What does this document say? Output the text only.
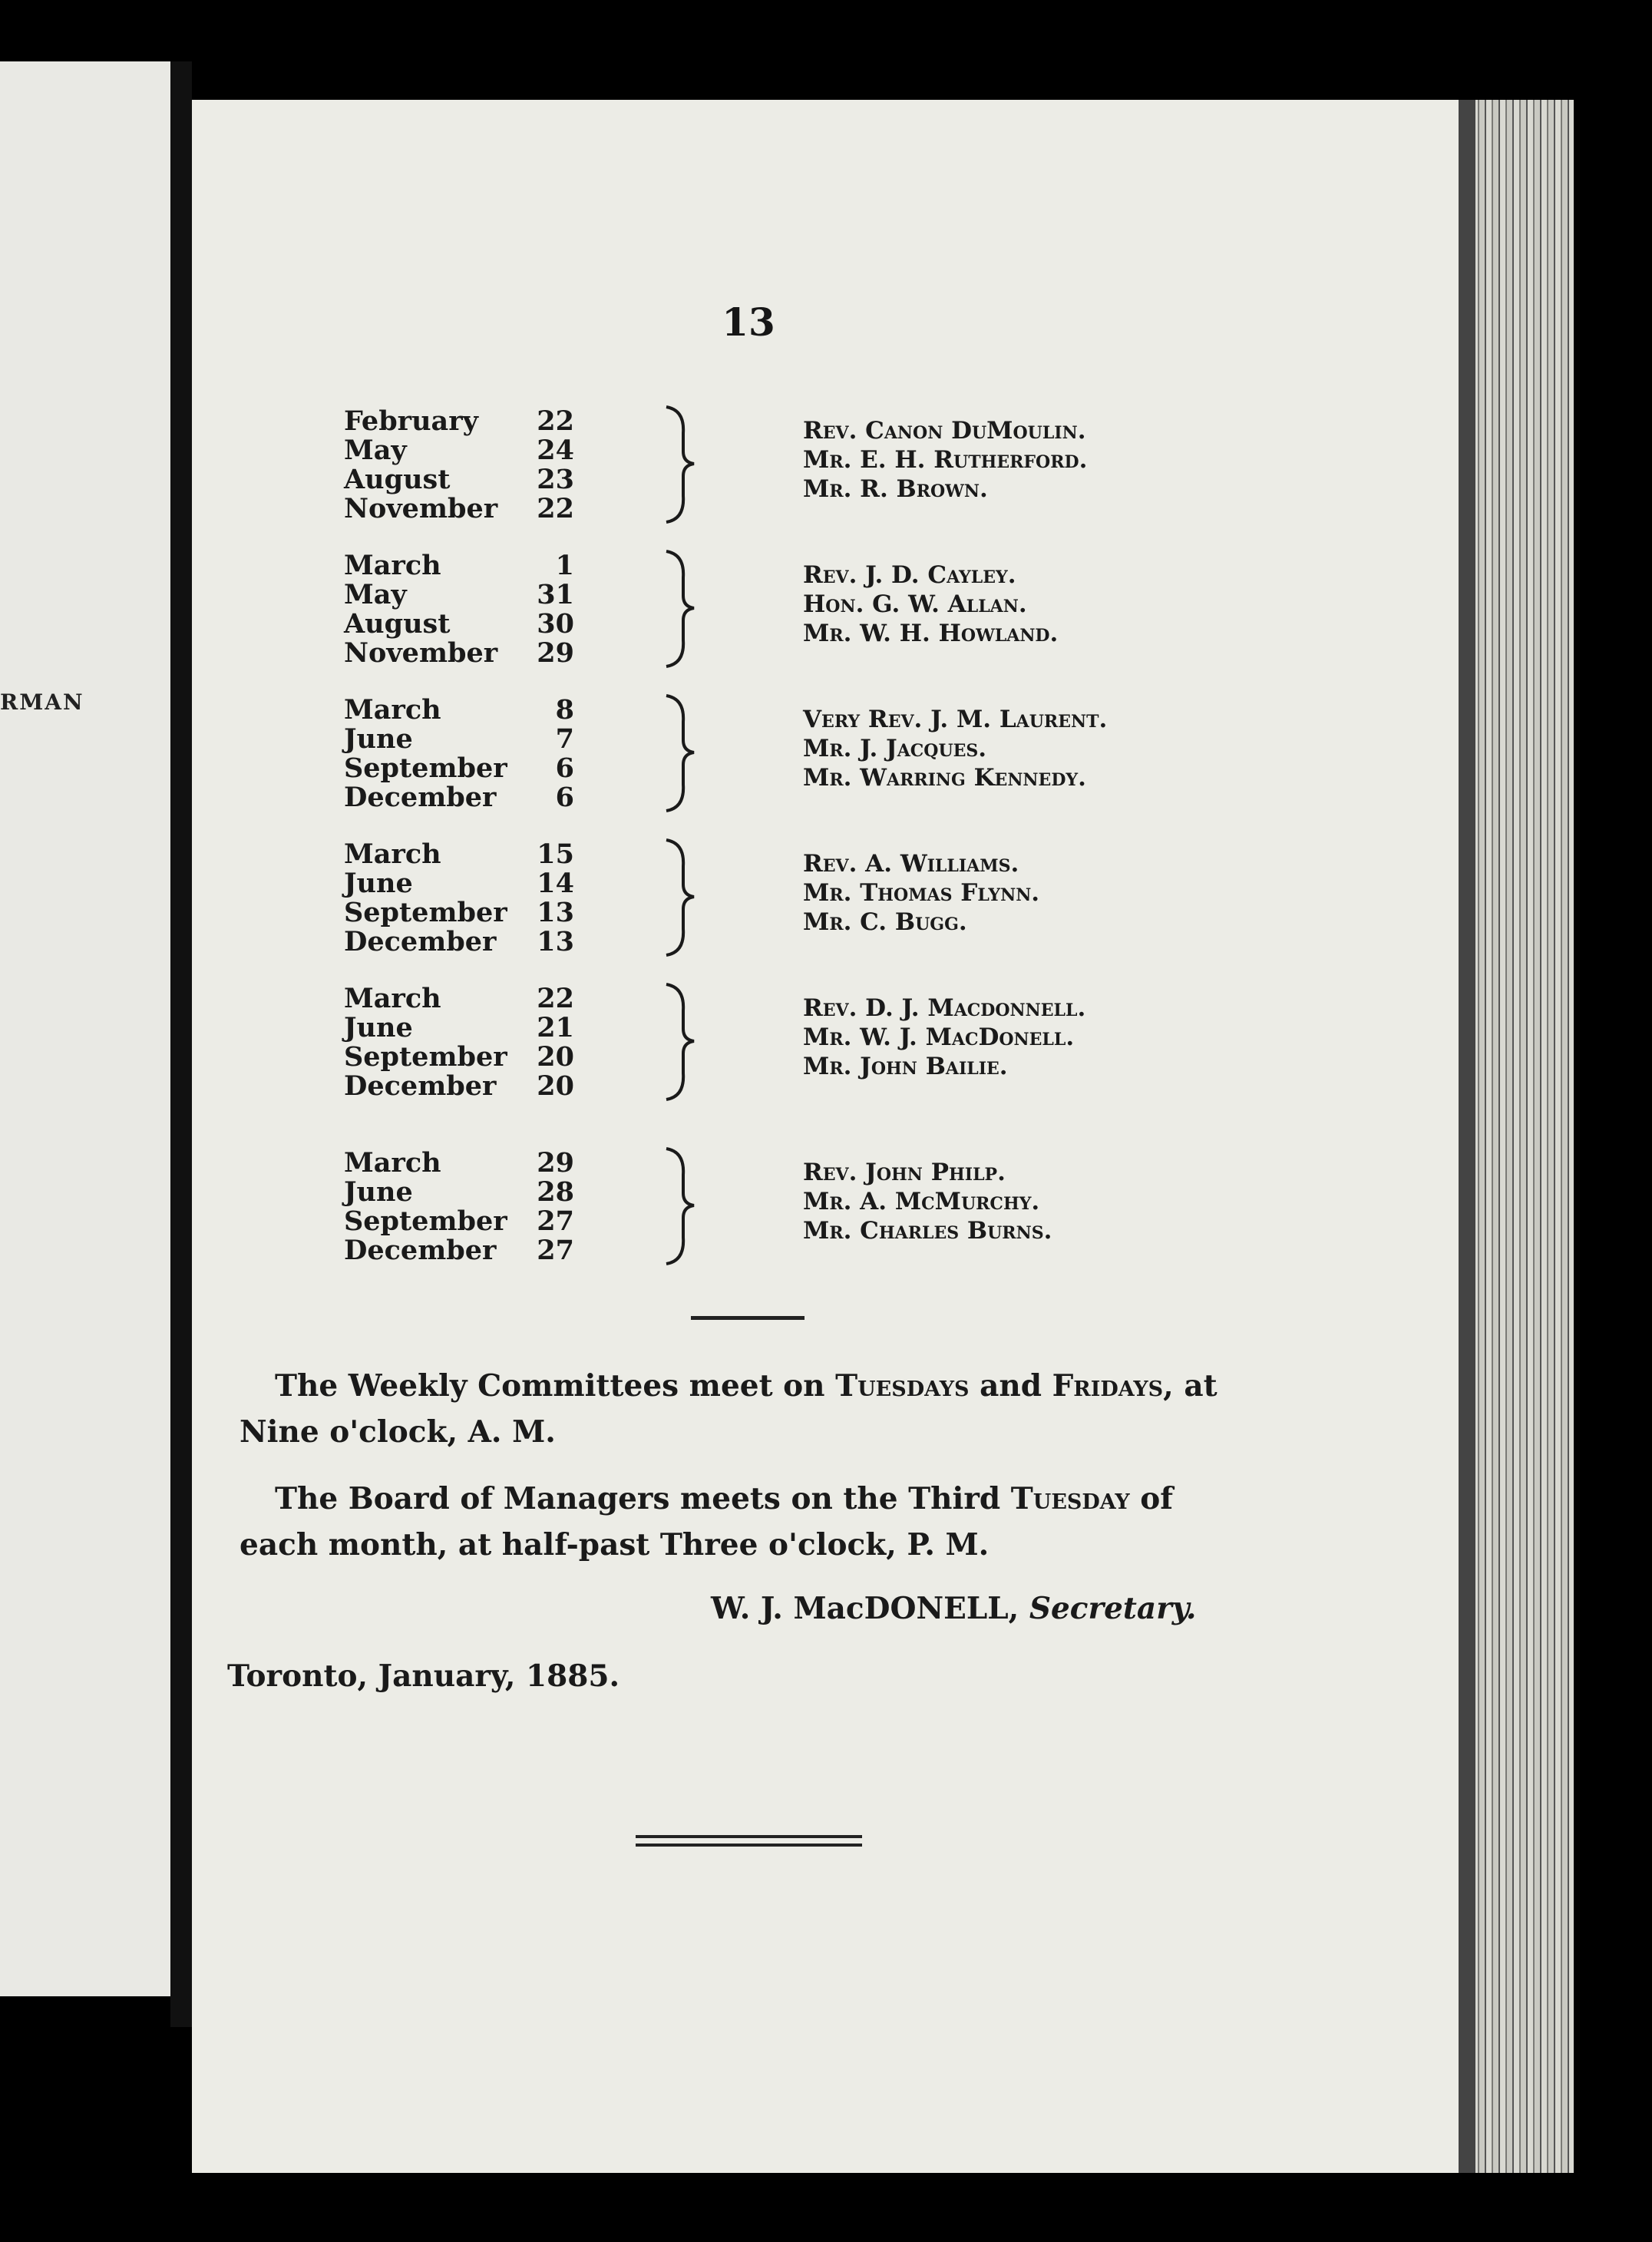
RMAN
13
February	22
May	24
August	23
November	22
Rev. Canon DuMoulin.
Mr. E. H. Rutherford.
Mr. R. Brown.
March	1
May	31
August	30
November	29
Rev. J. D. Cayley.
Hon. G. W. Allan.
Mr. W. H. Howland.
March	8
June	7
September	6
December	6
Very Rev. J. M. Laurent.
Mr. J. Jacques.
Mr. Warring Kennedy.
March	15
June	14
September	13
December	13
Rev. A. Williams.
Mr. Thomas Flynn.
Mr. C. Bugg.
March	22
June	21
September	20
December	20
Rev. D. J. Macdonnell.
Mr. W. J. MacDonell.
Mr. John Bailie.
March	29
June	28
September	27
December	27
Rev. John Philp.
Mr. A. McMurchy.
Mr. Charles Burns.
The Weekly Committees meet on Tuesdays and Fridays, at Nine o'clock, A. M.
The Board of Managers meets on the Third Tuesday of each month, at half-past Three o'clock, P. M.
W. J. MacDONELL, Secretary.
Toronto, January, 1885.
